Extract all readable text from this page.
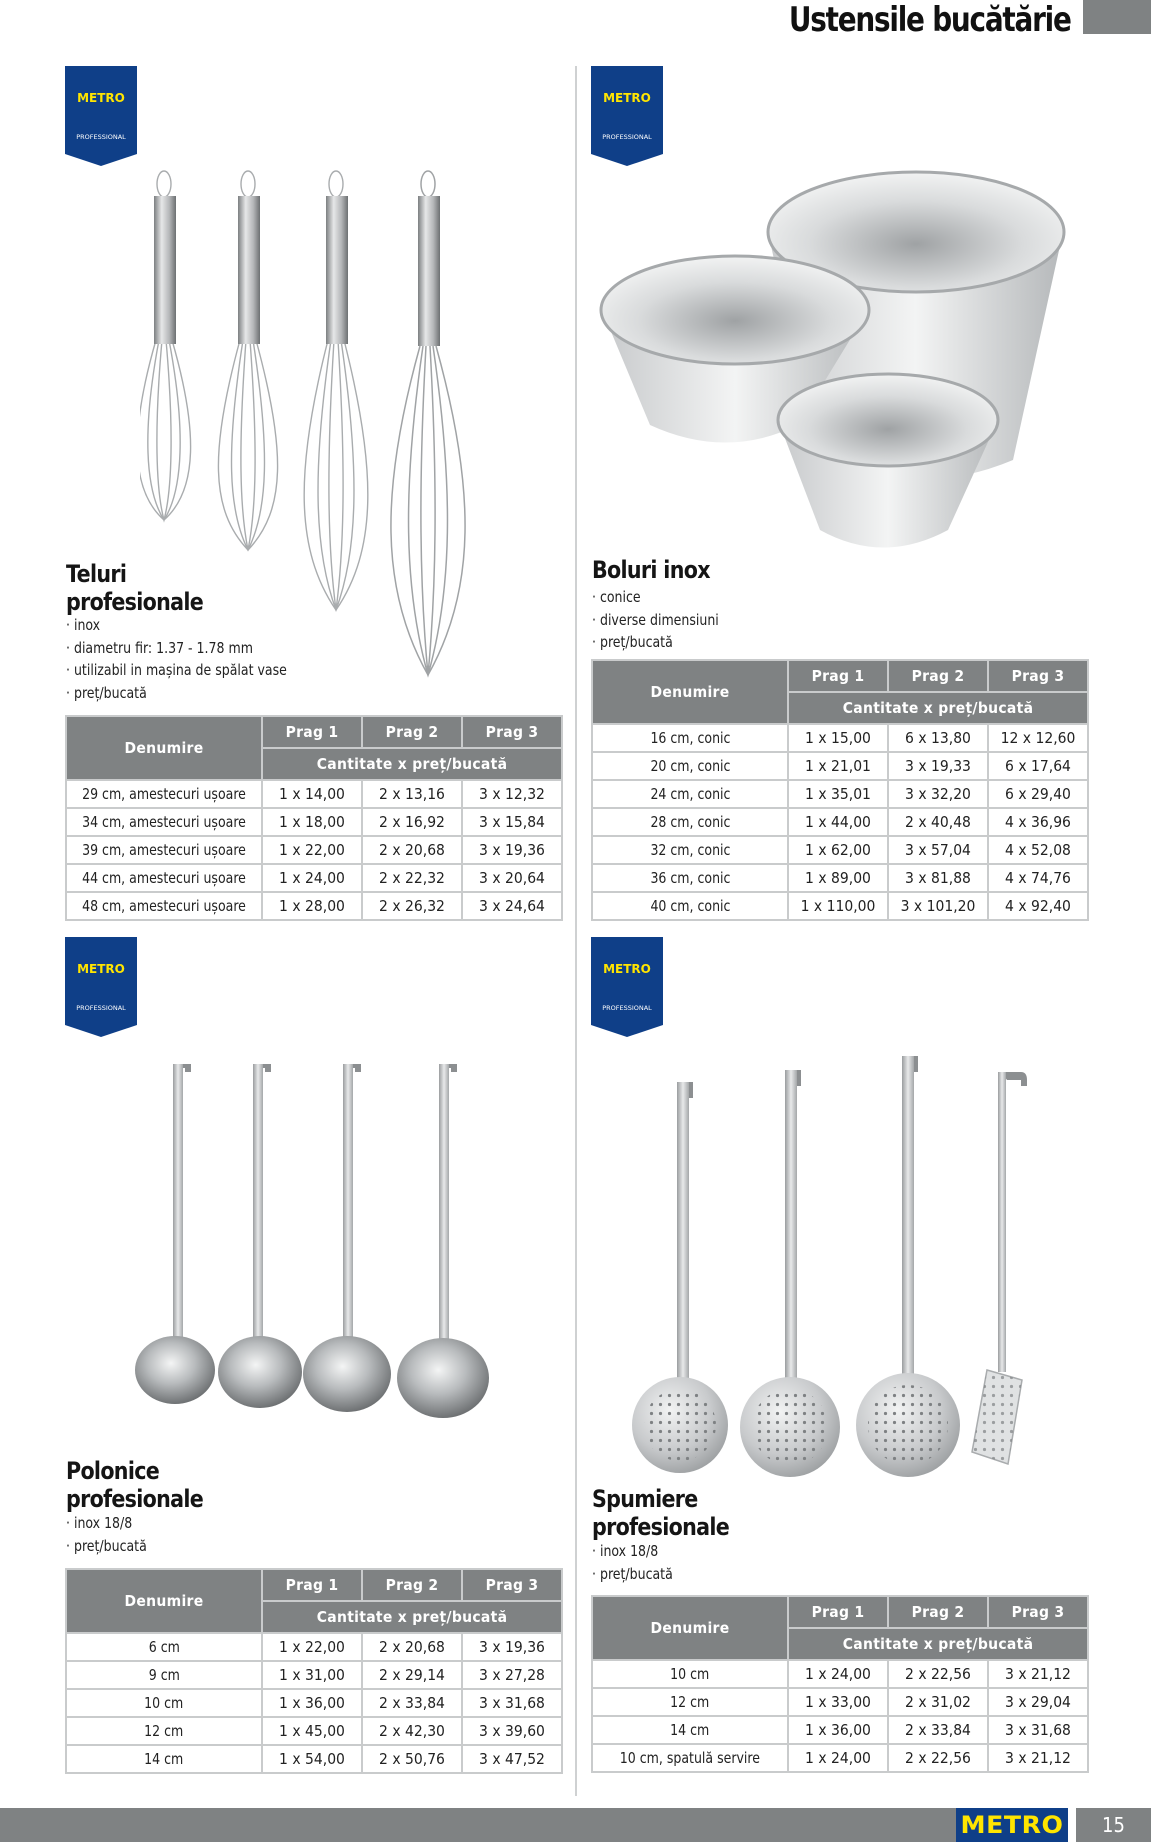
Ustensile bucătărie
METRO
PROFESSIONAL
Teluri
profesionale
· inox
· diametru fir: 1.37 - 1.78 mm
· utilizabil in mașina de spălat vase
· preț/bucată
Denumire	Prag 1	Prag 2	Prag 3
	Cantitate x preț/bucată		
29 cm, amestecuri ușoare	1 x 14,00	2 x 13,16	3 x 12,32
34 cm, amestecuri ușoare	1 x 18,00	2 x 16,92	3 x 15,84
39 cm, amestecuri ușoare	1 x 22,00	2 x 20,68	3 x 19,36
44 cm, amestecuri ușoare	1 x 24,00	2 x 22,32	3 x 20,64
48 cm, amestecuri ușoare	1 x 28,00	2 x 26,32	3 x 24,64
METRO
PROFESSIONAL
Boluri inox
· conice
· diverse dimensiuni
· preț/bucată
Denumire	Prag 1	Prag 2	Prag 3
	Cantitate x preț/bucată		
16 cm, conic	1 x 15,00	6 x 13,80	12 x 12,60
20 cm, conic	1 x 21,01	3 x 19,33	6 x 17,64
24 cm, conic	1 x 35,01	3 x 32,20	6 x 29,40
28 cm, conic	1 x 44,00	2 x 40,48	4 x 36,96
32 cm, conic	1 x 62,00	3 x 57,04	4 x 52,08
36 cm, conic	1 x 89,00	3 x 81,88	4 x 74,76
40 cm, conic	1 x 110,00	3 x 101,20	4 x 92,40
METRO
PROFESSIONAL
Polonice
profesionale
· inox 18/8
· preț/bucată
Denumire	Prag 1	Prag 2	Prag 3
	Cantitate x preț/bucată		
6 cm	1 x 22,00	2 x 20,68	3 x 19,36
9 cm	1 x 31,00	2 x 29,14	3 x 27,28
10 cm	1 x 36,00	2 x 33,84	3 x 31,68
12 cm	1 x 45,00	2 x 42,30	3 x 39,60
14 cm	1 x 54,00	2 x 50,76	3 x 47,52
METRO
PROFESSIONAL
Spumiere
profesionale
· inox 18/8
· preț/bucată
Denumire	Prag 1	Prag 2	Prag 3
	Cantitate x preț/bucată		
10 cm	1 x 24,00	2 x 22,56	3 x 21,12
12 cm	1 x 33,00	2 x 31,02	3 x 29,04
14 cm	1 x 36,00	2 x 33,84	3 x 31,68
10 cm, spatulă servire	1 x 24,00	2 x 22,56	3 x 21,12
METRO	15
